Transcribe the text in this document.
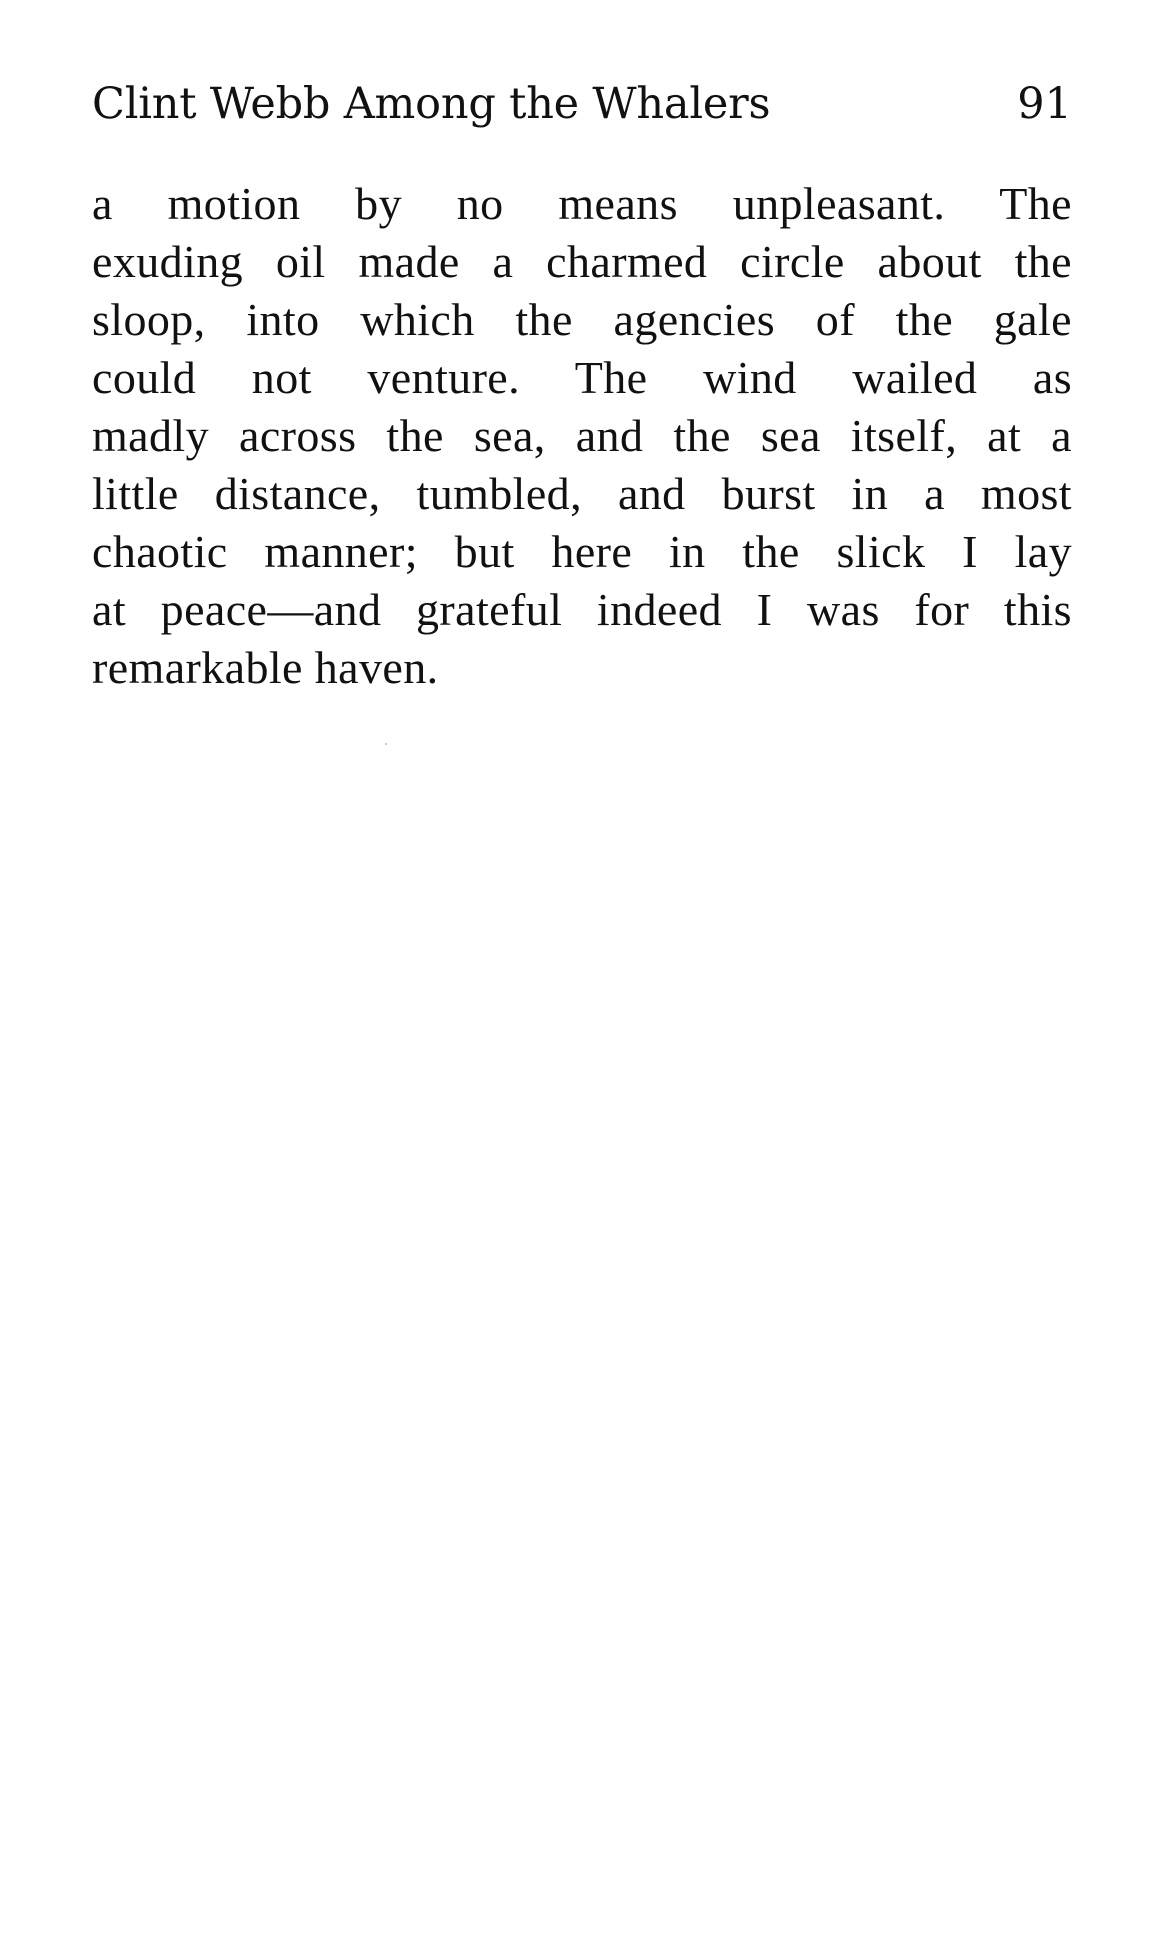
Clint Webb Among the Whalers	91
a motion by no means unpleasant. The
exuding oil made a charmed circle about the
sloop, into which the agencies of the gale
could not venture. The wind wailed as
madly across the sea, and the sea itself, at a
little distance, tumbled, and burst in a most
chaotic manner; but here in the slick I lay
at peace—and grateful indeed I was for this
remarkable haven.
